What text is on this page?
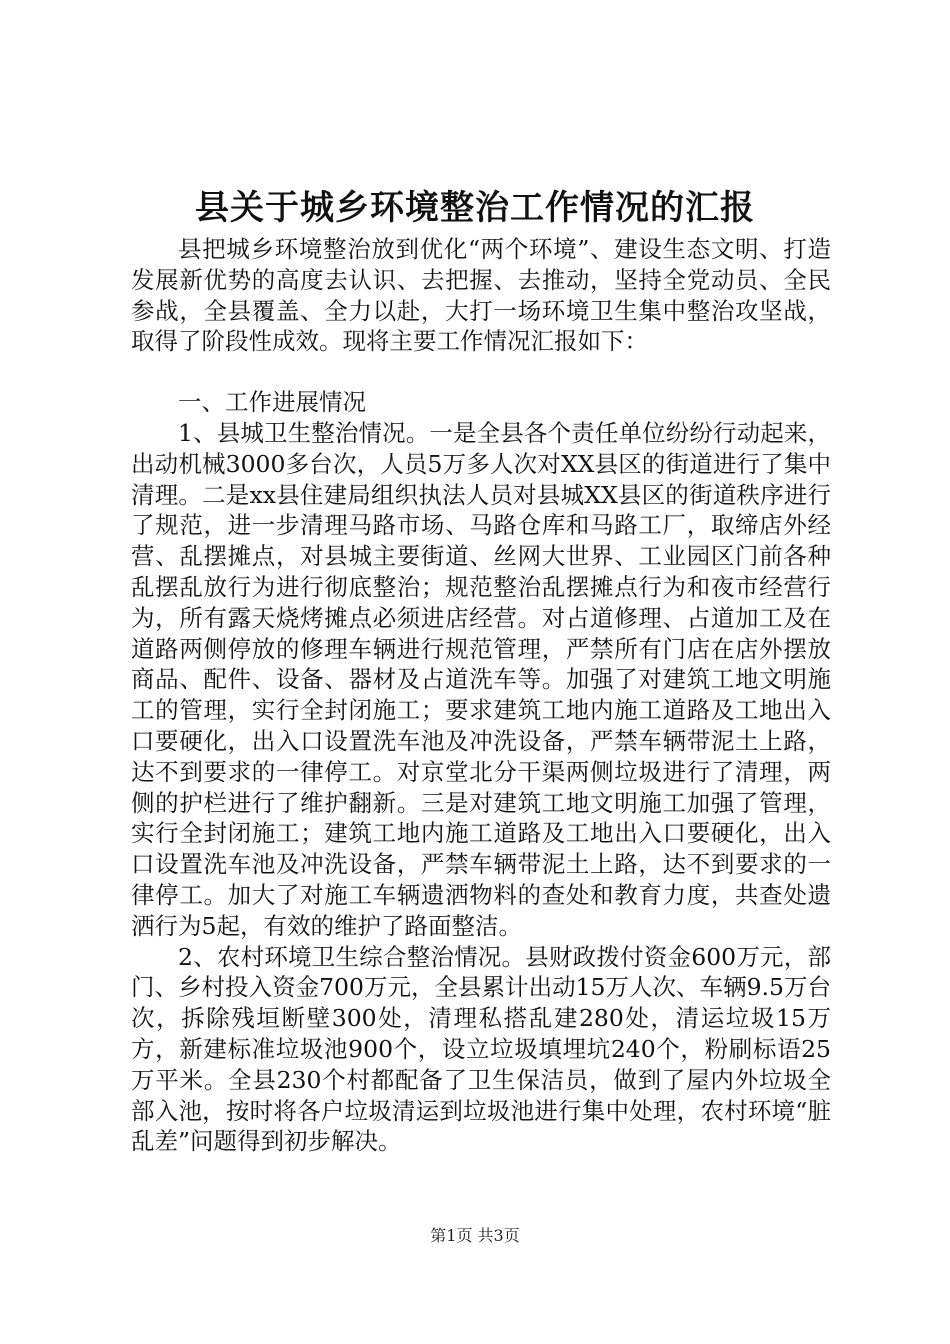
县关于城乡环境整治工作情况的汇报

县把城乡环境整治放到优化“两个环境”、建设生态文明、打造发展新优势的高度去认识、去把握、去推动，坚持全党动员、全民参战，全县覆盖、全力以赴，大打一场环境卫生集中整治攻坚战，取得了阶段性成效。现将主要工作情况汇报如下：

一、工作进展情况

1、县城卫生整治情况。一是全县各个责任单位纷纷行动起来，出动机械3000多台次，人员5万多人次对XX县区的街道进行了集中清理。二是xx县住建局组织执法人员对县城XX县区的街道秩序进行了规范，进一步清理马路市场、马路仓库和马路工厂，取缔店外经营、乱摆摊点，对县城主要街道、丝网大世界、工业园区门前各种乱摆乱放行为进行彻底整治；规范整治乱摆摊点行为和夜市经营行为，所有露天烧烤摊点必须进店经营。对占道修理、占道加工及在道路两侧停放的修理车辆进行规范管理，严禁所有门店在店外摆放商品、配件、设备、器材及占道洗车等。加强了对建筑工地文明施工的管理，实行全封闭施工；要求建筑工地内施工道路及工地出入口要硬化，出入口设置洗车池及冲洗设备，严禁车辆带泥土上路，达不到要求的一律停工。对京堂北分干渠两侧垃圾进行了清理，两侧的护栏进行了维护翻新。三是对建筑工地文明施工加强了管理，实行全封闭施工；建筑工地内施工道路及工地出入口要硬化，出入口设置洗车池及冲洗设备，严禁车辆带泥土上路，达不到要求的一律停工。加大了对施工车辆遗洒物料的查处和教育力度，共查处遗洒行为5起，有效的维护了路面整洁。

2、农村环境卫生综合整治情况。县财政拨付资金600万元，部门、乡村投入资金700万元，全县累计出动15万人次、车辆9.5万台次，拆除残垣断壁300处，清理私搭乱建280处，清运垃圾15万方，新建标准垃圾池900个，设立垃圾填埋坑240个，粉刷标语25万平米。全县230个村都配备了卫生保洁员，做到了屋内外垃圾全部入池，按时将各户垃圾清运到垃圾池进行集中处理，农村环境“脏乱差”问题得到初步解决。

第1页 共3页
